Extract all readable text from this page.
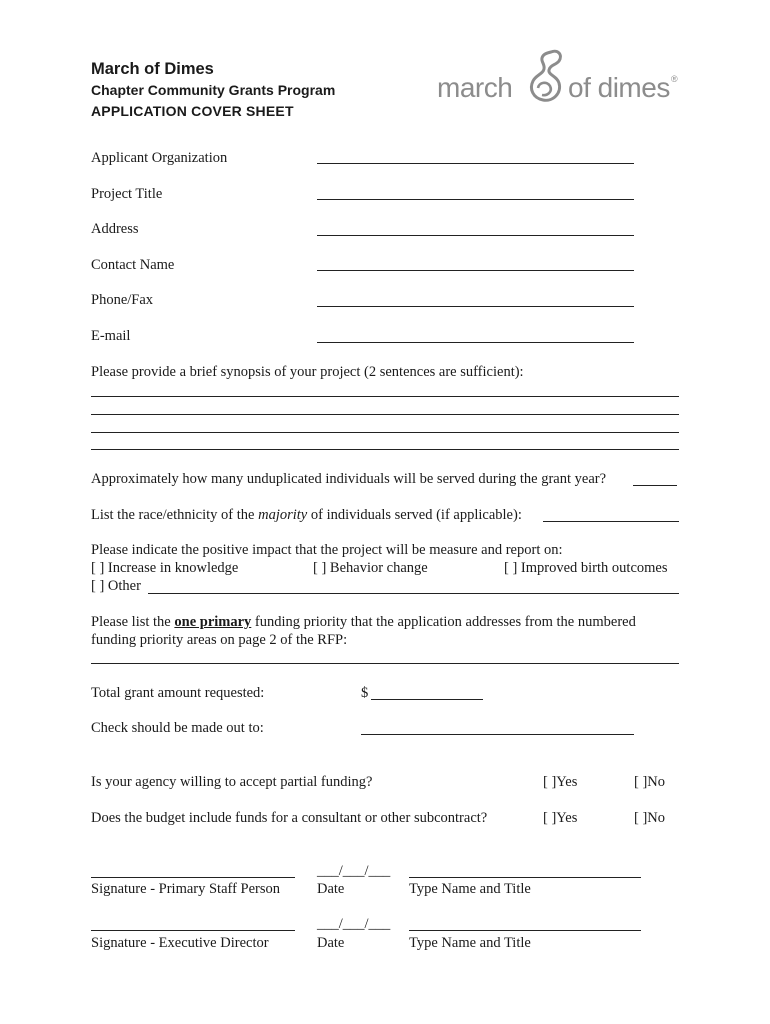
March of Dimes
Chapter Community Grants Program
APPLICATION COVER SHEET
march of dimes ®
Applicant Organization
Project Title
Address
Contact Name
Phone/Fax
E-mail
Please provide a brief synopsis of your project (2 sentences are sufficient):
Approximately how many unduplicated individuals will be served during the grant year?
List the race/ethnicity of the majority of individuals served (if applicable):
Please indicate the positive impact that the project will be measure and report on:
[ ] Increase in knowledge	[ ] Behavior change	[ ] Improved birth outcomes
[ ] Other
Please list the one primary funding priority that the application addresses from the numbered
funding priority areas on page 2 of the RFP:
Total grant amount requested:	$
Check should be made out to:
Is your agency willing to accept partial funding?	[ ]Yes	[ ]No
Does the budget include funds for a consultant or other subcontract?	[ ]Yes	[ ]No
___/___/___
Signature - Primary Staff Person	Date	Type Name and Title
___/___/___
Signature - Executive Director	Date	Type Name and Title
